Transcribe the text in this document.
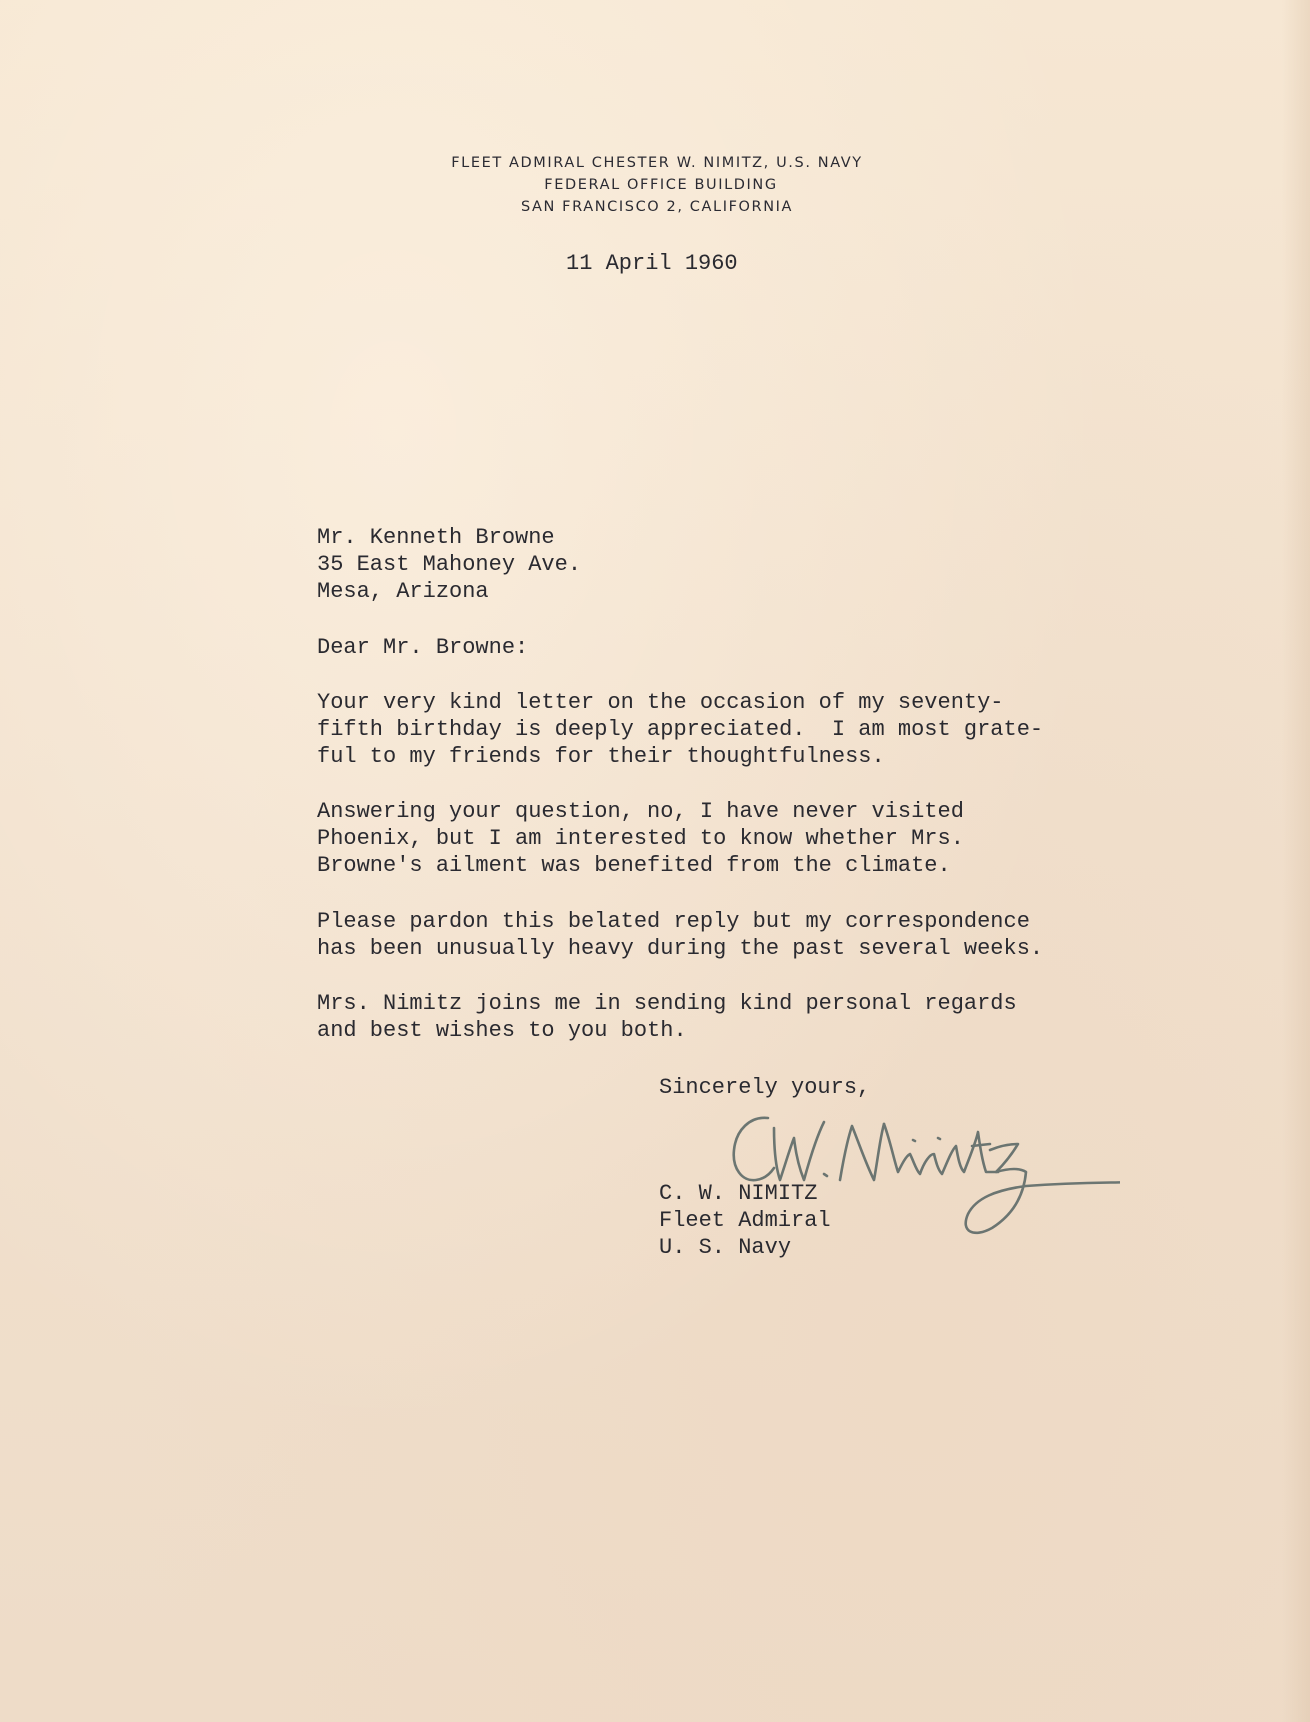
FLEET ADMIRAL CHESTER W. NIMITZ, U.S. NAVY
FEDERAL OFFICE BUILDING
SAN FRANCISCO 2, CALIFORNIA
11 April 1960
Mr. Kenneth Browne
35 East Mahoney Ave.
Mesa, Arizona
Dear Mr. Browne:
Your very kind letter on the occasion of my seventy-
fifth birthday is deeply appreciated.  I am most grate-
ful to my friends for their thoughtfulness.
Answering your question, no, I have never visited
Phoenix, but I am interested to know whether Mrs.
Browne's ailment was benefited from the climate.
Please pardon this belated reply but my correspondence
has been unusually heavy during the past several weeks.
Mrs. Nimitz joins me in sending kind personal regards
and best wishes to you both.
Sincerely yours,
C. W. NIMITZ
Fleet Admiral
U. S. Navy
